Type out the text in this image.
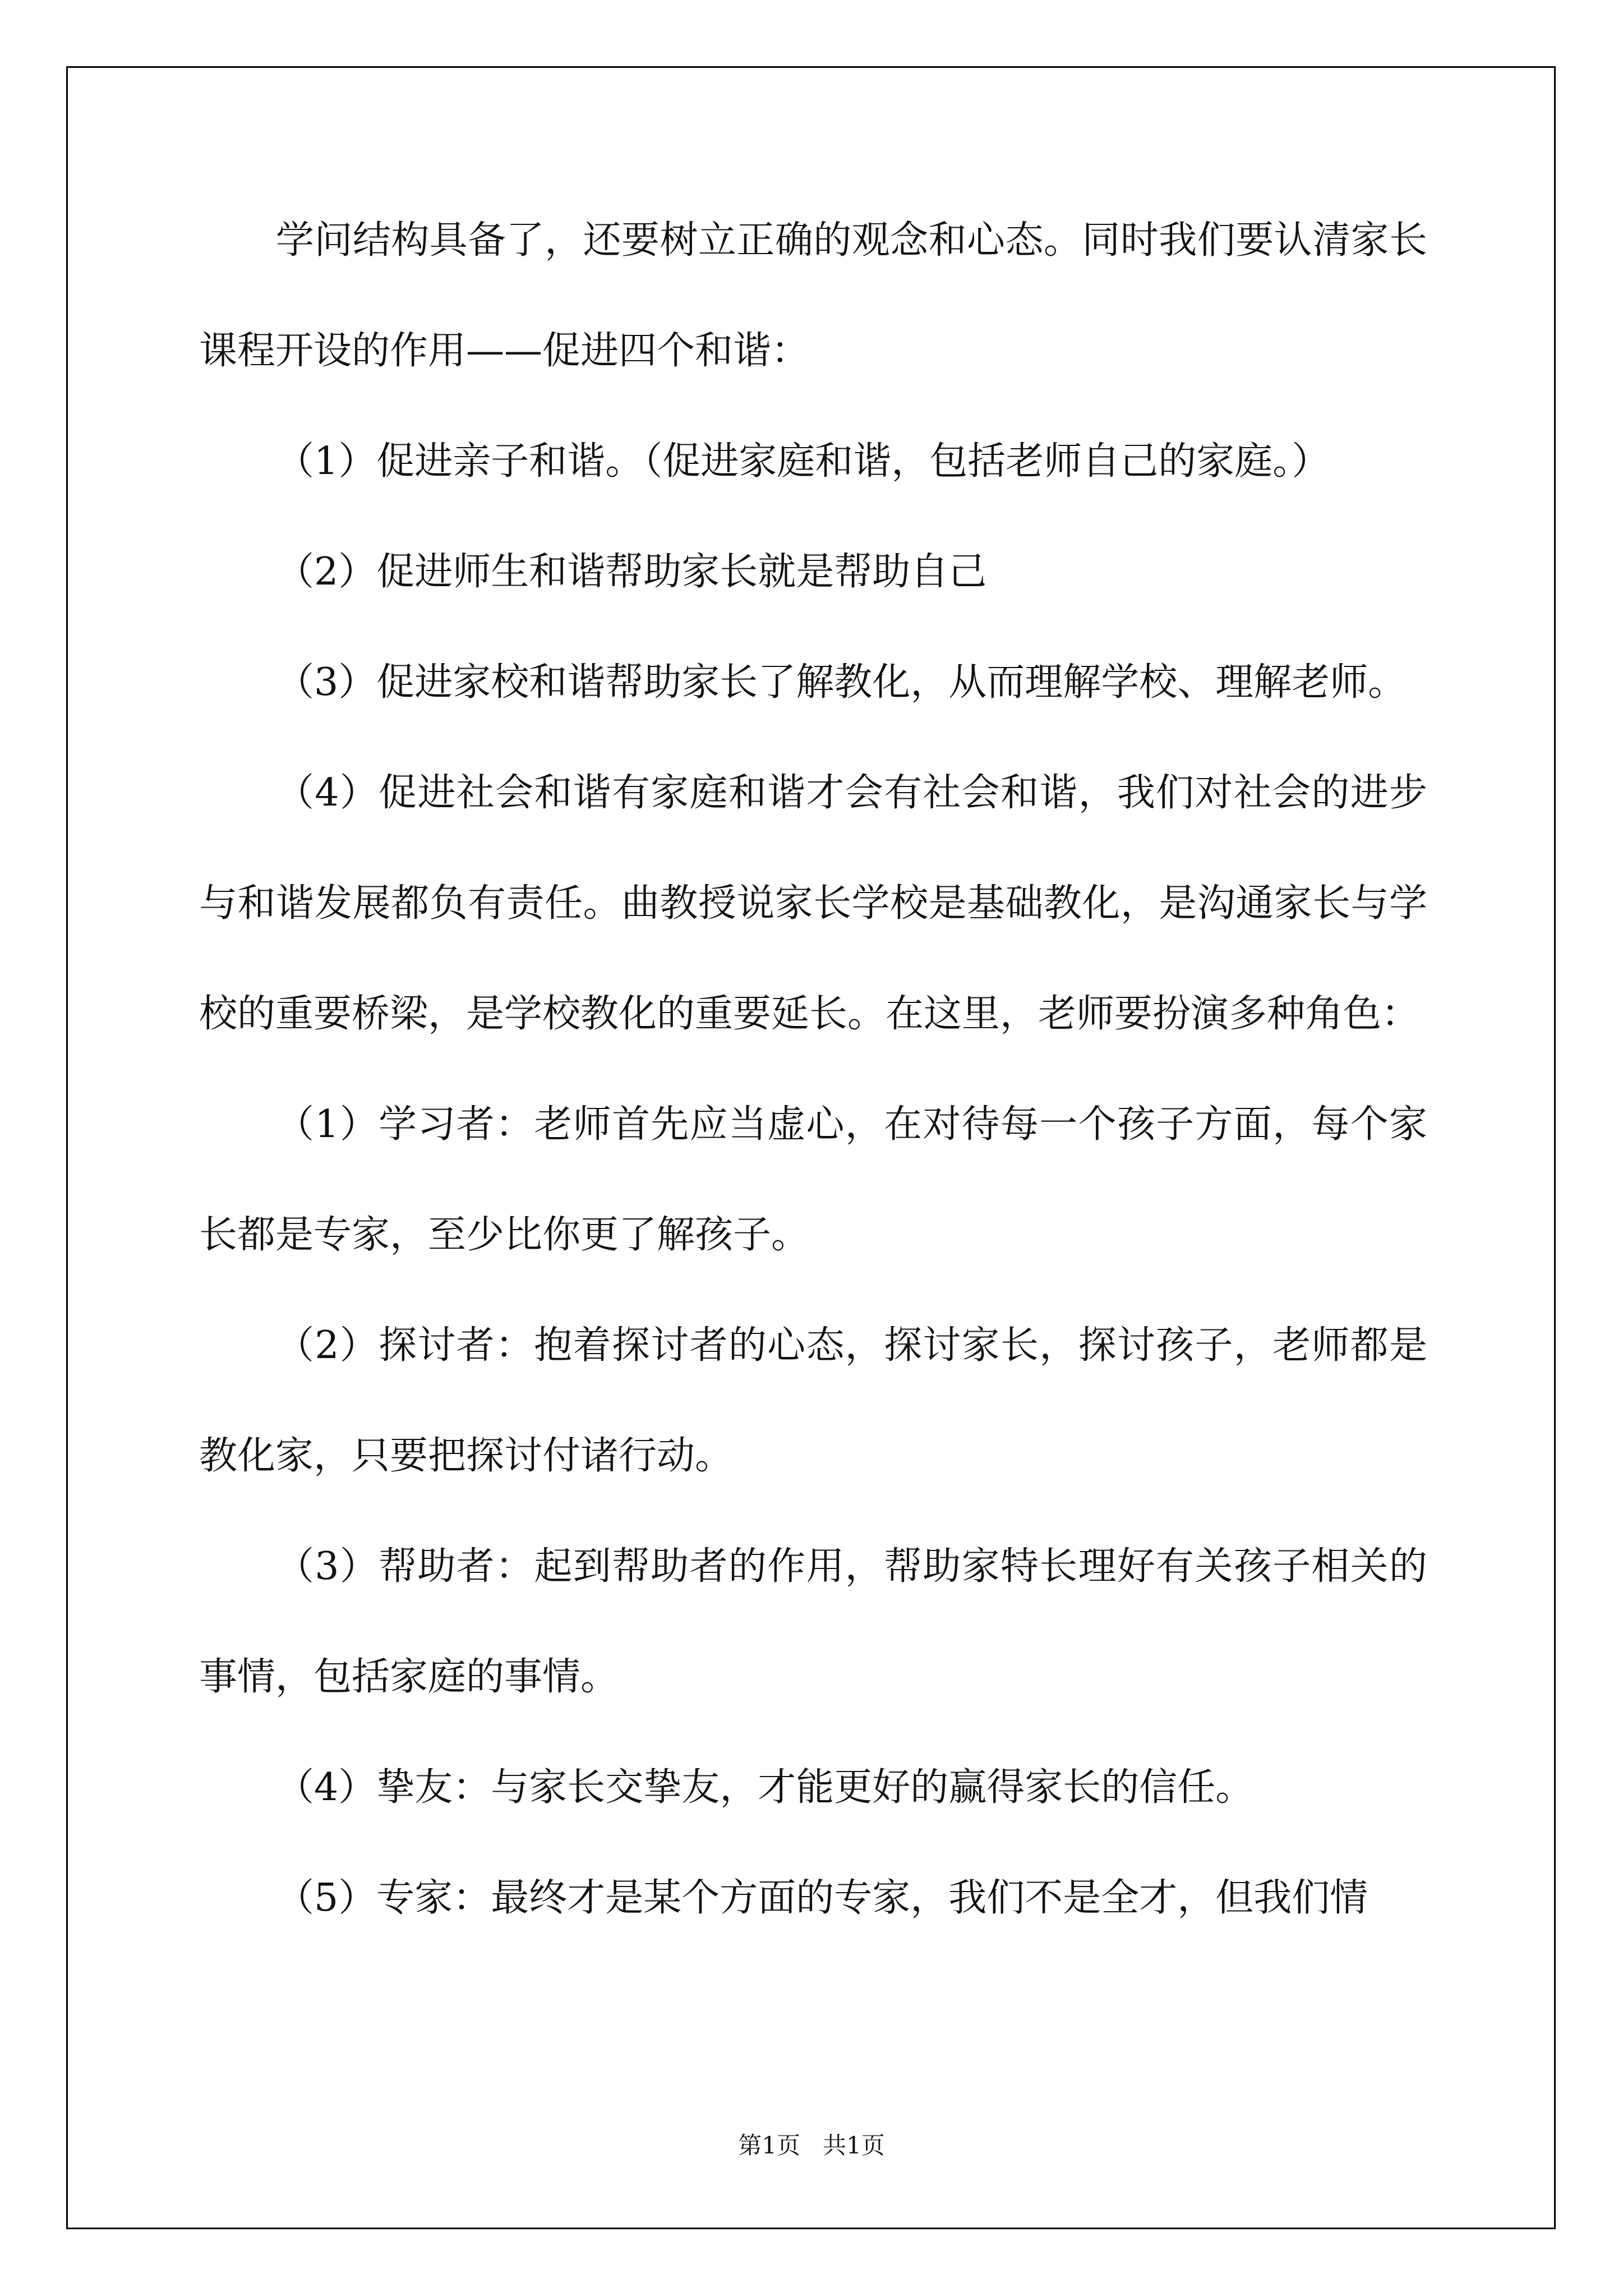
学问结构具备了，还要树立正确的观念和心态。同时我们要认清家长课程开设的作用——促进四个和谐：

（1）促进亲子和谐。（促进家庭和谐，包括老师自己的家庭。）

（2）促进师生和谐帮助家长就是帮助自己

（3）促进家校和谐帮助家长了解教化，从而理解学校、理解老师。

（4）促进社会和谐有家庭和谐才会有社会和谐，我们对社会的进步与和谐发展都负有责任。曲教授说家长学校是基础教化，是沟通家长与学校的重要桥梁，是学校教化的重要延长。在这里，老师要扮演多种角色：

（1）学习者：老师首先应当虚心，在对待每一个孩子方面，每个家长都是专家，至少比你更了解孩子。

（2）探讨者：抱着探讨者的心态，探讨家长，探讨孩子，老师都是教化家，只要把探讨付诸行动。

（3）帮助者：起到帮助者的作用，帮助家特长理好有关孩子相关的事情，包括家庭的事情。

（4）挚友：与家长交挚友，才能更好的赢得家长的信任。

（5）专家：最终才是某个方面的专家，我们不是全才，但我们情

第1页   共1页
